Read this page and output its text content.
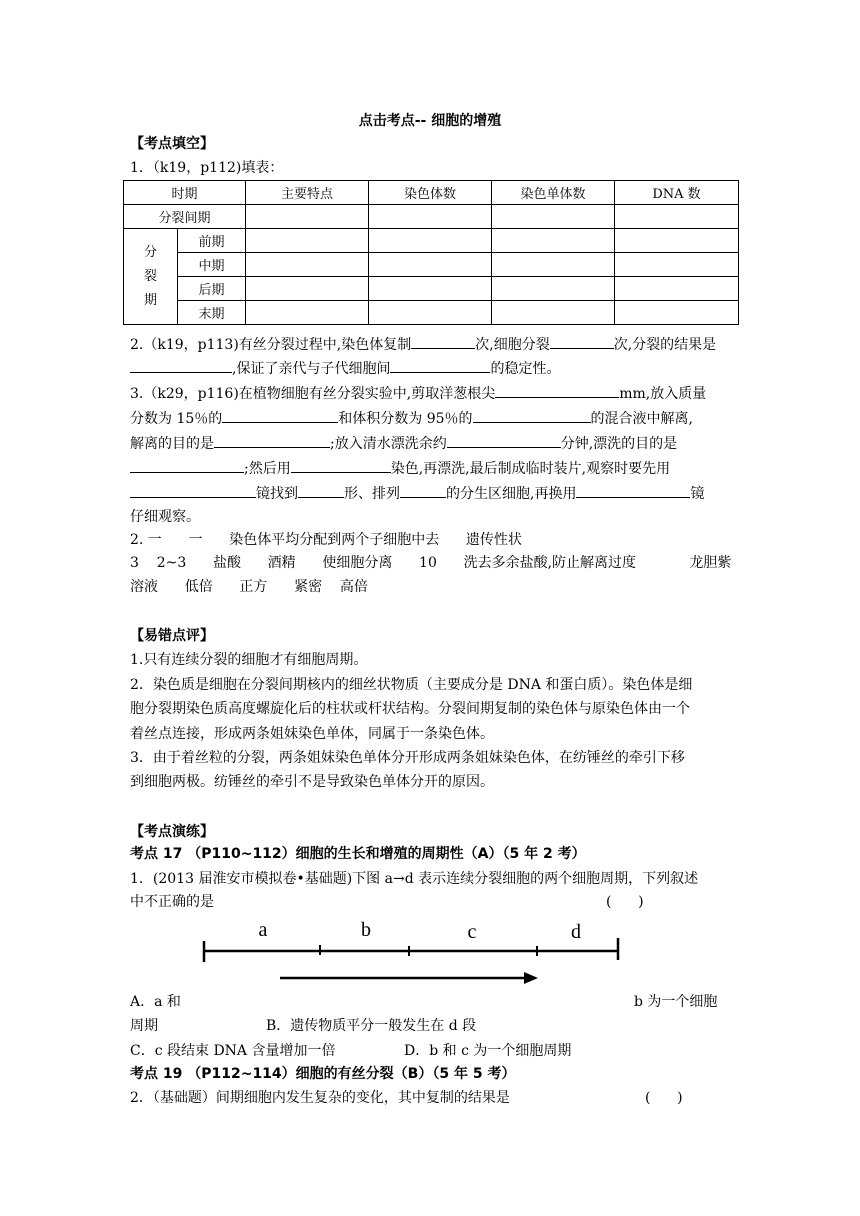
点击考点-- 细胞的增殖
【考点填空】
1．（k19，p112)填表：
时期		主要特点	染色体数	染色单体数	DNA 数
分裂间期					

分
裂
期	前期				
	中期				
	后期				
	末期				
2.（k19，p113)有丝分裂过程中,染色体复制	次,细胞分裂	次,分裂的结果是
,保证了亲代与子代细胞间	的稳定性。
3.（k29，p116)在植物细胞有丝分裂实验中,剪取洋葱根尖	mm,放入质量
分数为 15％的	和体积分数为 95％的	的混合液中解离,
解离的目的是	;放入清水漂洗余约	分钟,漂洗的目的是
;然后用	染色,再漂洗,最后制成临时装片,观察时要先用
镜找到	形、排列	的分生区细胞,再换用	镜
仔细观察。
2. 一      一      染色体平均分配到两个子细胞中去      遗传性状
3    2~3      盐酸      酒精      使细胞分离      10      洗去多余盐酸,防止解离过度            龙胆紫
溶液      低倍      正方      紧密    高倍
【易错点评】
1.只有连续分裂的细胞才有细胞周期。
2．染色质是细胞在分裂间期核内的细丝状物质（主要成分是 DNA 和蛋白质）。染色体是细
胞分裂期染色质高度螺旋化后的柱状或杆状结构。分裂间期复制的染色体与原染色体由一个
着丝点连接，形成两条姐妹染色单体，同属于一条染色体。
3．由于着丝粒的分裂，两条姐妹染色单体分开形成两条姐妹染色体，在纺锤丝的牵引下移
到细胞两极。纺锤丝的牵引不是导致染色单体分开的原因。
【考点演练】
考点 17 （P110~112）细胞的生长和增殖的周期性（A）（5 年 2 考）
1．(2013 届淮安市模拟卷•基础题)下图 a→d 表示连续分裂细胞的两个细胞周期，下列叙述
中不正确的是	(      )
a	b	c	d
A．a 和	b 为一个细胞
周期	B．遗传物质平分一般发生在 d 段
C．c 段结束 DNA 含量增加一倍	D．b 和 c 为一个细胞周期
考点 19 （P112~114）细胞的有丝分裂（B）（5 年 5 考）
2．（基础题）间期细胞内发生复杂的变化，其中复制的结果是	(      )
